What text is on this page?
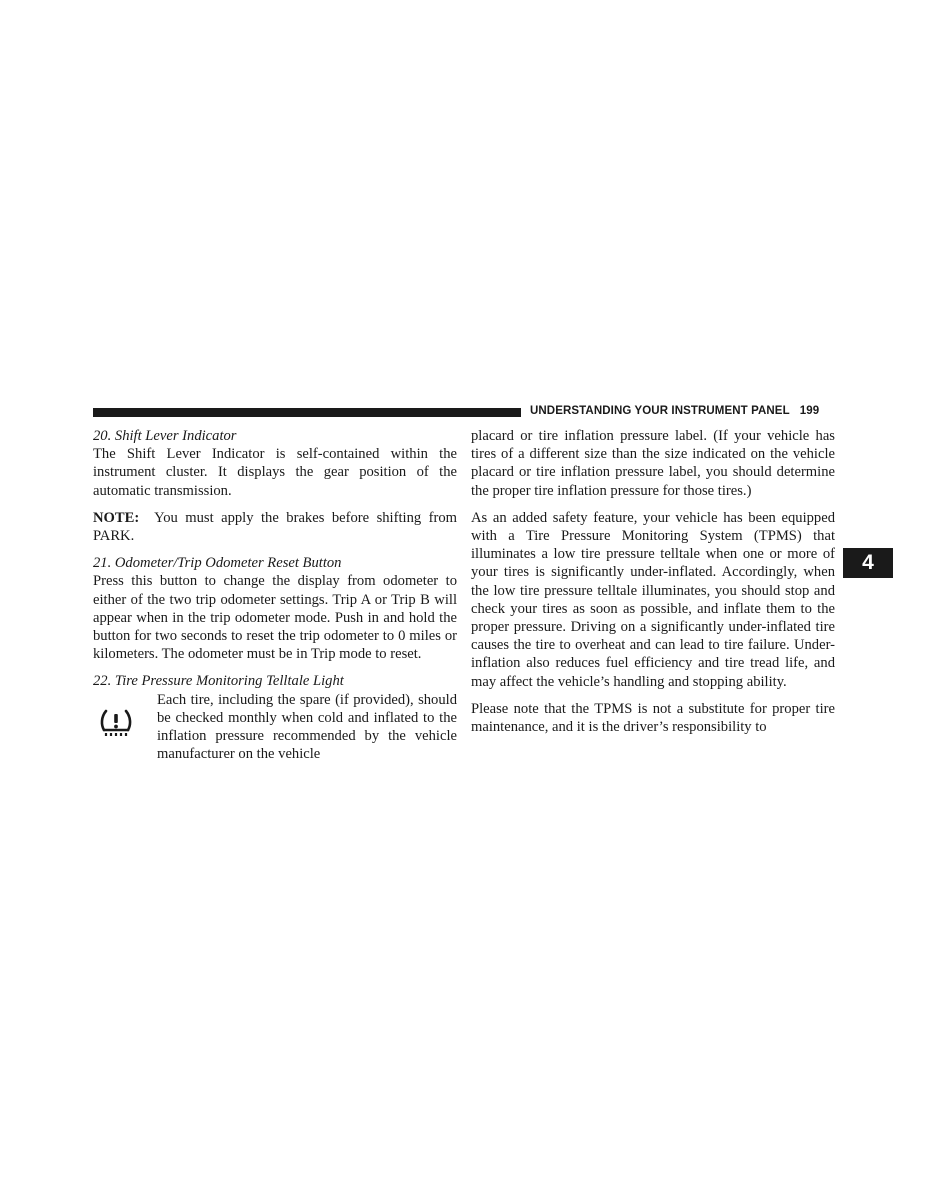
UNDERSTANDING YOUR INSTRUMENT PANEL 199
4

20. Shift Lever Indicator

The Shift Lever Indicator is self-contained within the instrument cluster. It displays the gear position of the automatic transmission.

NOTE: You must apply the brakes before shifting from PARK.

21. Odometer/Trip Odometer Reset Button

Press this button to change the display from odometer to either of the two trip odometer settings. Trip A or Trip B will appear when in the trip odometer mode. Push in and hold the button for two seconds to reset the trip odometer to 0 miles or kilometers. The odometer must be in Trip mode to reset.

22. Tire Pressure Monitoring Telltale Light

Each tire, including the spare (if provided), should be checked monthly when cold and inflated to the inflation pressure recommended by the vehicle manufacturer on the vehicle

placard or tire inflation pressure label. (If your vehicle has tires of a different size than the size indicated on the vehicle placard or tire inflation pressure label, you should determine the proper tire inflation pressure for those tires.)

As an added safety feature, your vehicle has been equipped with a Tire Pressure Monitoring System (TPMS) that illuminates a low tire pressure telltale when one or more of your tires is significantly under-inflated. Accordingly, when the low tire pressure telltale illuminates, you should stop and check your tires as soon as possible, and inflate them to the proper pressure. Driving on a significantly under-inflated tire causes the tire to overheat and can lead to tire failure. Under-inflation also reduces fuel efficiency and tire tread life, and may affect the vehicle’s handling and stopping ability.

Please note that the TPMS is not a substitute for proper tire maintenance, and it is the driver’s responsibility to
